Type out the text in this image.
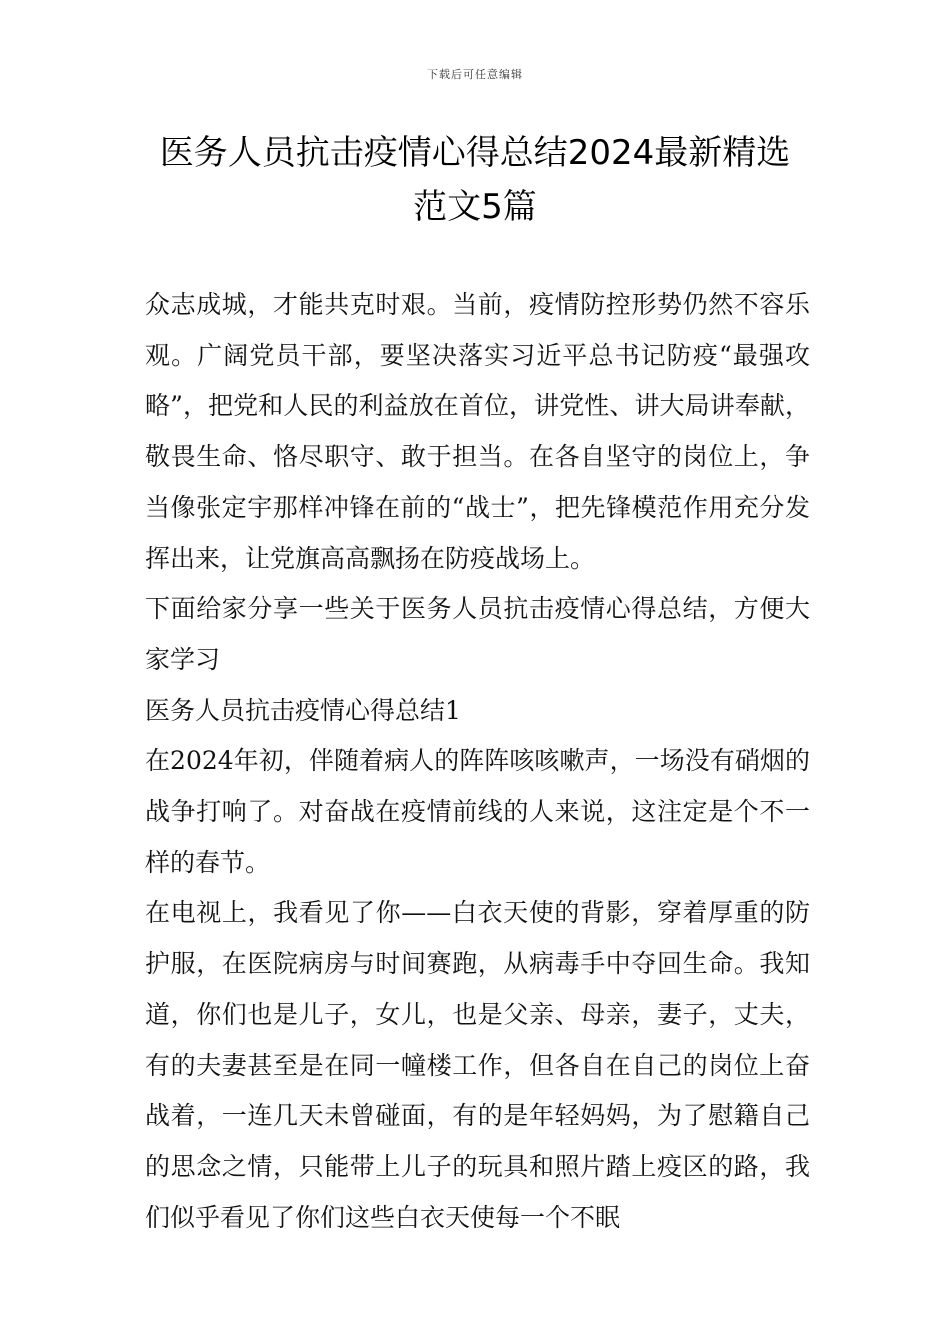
下载后可任意编辑
医务人员抗击疫情心得总结2024最新精选
范文5篇

众志成城，才能共克时艰。当前，疫情防控形势仍然不容乐观。广阔党员干部，要坚决落实习近平总书记防疫“最强攻略”，把党和人民的利益放在首位，讲党性、讲大局讲奉献，敬畏生命、恪尽职守、敢于担当。在各自坚守的岗位上，争当像张定宇那样冲锋在前的“战士”，把先锋模范作用充分发挥出来，让党旗高高飘扬在防疫战场上。

下面给家分享一些关于医务人员抗击疫情心得总结，方便大家学习

医务人员抗击疫情心得总结1

在2024年初，伴随着病人的阵阵咳咳嗽声，一场没有硝烟的战争打响了。对奋战在疫情前线的人来说，这注定是个不一样的春节。

在电视上，我看见了你——白衣天使的背影，穿着厚重的防护服，在医院病房与时间赛跑，从病毒手中夺回生命。我知道，你们也是儿子，女儿，也是父亲、母亲，妻子，丈夫，有的夫妻甚至是在同一幢楼工作，但各自在自己的岗位上奋战着，一连几天未曾碰面，有的是年轻妈妈，为了慰籍自己的思念之情，只能带上儿子的玩具和照片踏上疫区的路，我们似乎看见了你们这些白衣天使每一个不眠
